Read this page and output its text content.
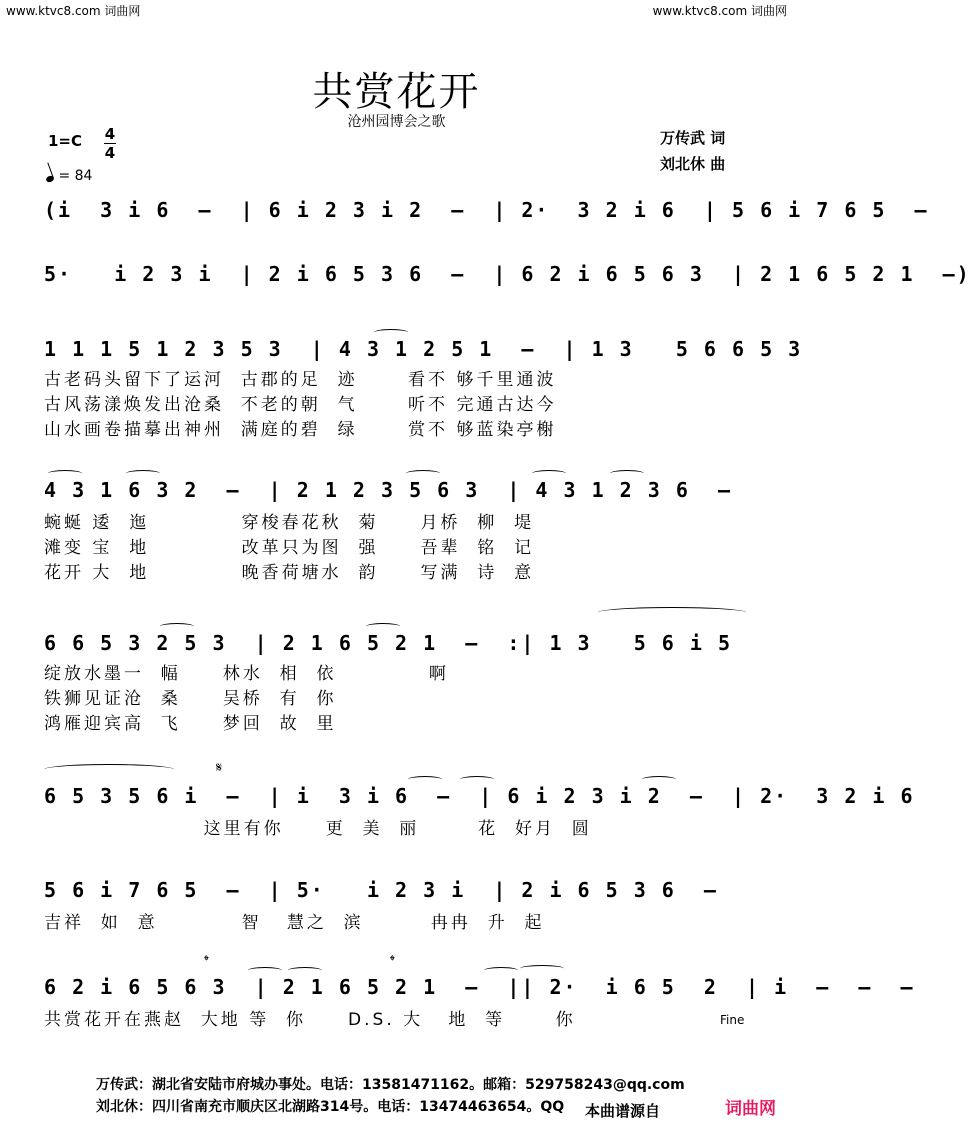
www.ktvc8.com 词曲网	www.ktvc8.com 词曲网
共赏花开
沧州园博会之歌
1=C 4
4
= 84
万传武 词
刘北休 曲
(i  3 i 6  –  | 6 i 2 3 i 2  –  | 2·  3 2 i 6  | 5 6 i 7 6 5  –
5·   i 2 3 i  | 2 i 6 5 3 6  –  | 6 2 i 6 5 6 3  | 2 1 6 5 2 1  –)
1 1 1 5 1 2 3 5 3  | 4 3 1 2 5 1  –  | 1 3   5 6 6 5 3
古老码头留下了运河  古郡的足  迹      看不 够千里通波
古风荡漾焕发出沧桑  不老的朝  气      听不 完通古达今
山水画卷描摹出神州  满庭的碧  绿      赏不 够蓝染亭榭
4 3 1 6 3 2  –  | 2 1 2 3 5 6 3  | 4 3 1 2 3 6  –
蜿蜒 逶  迤           穿梭春花秋  菊     月桥  柳  堤
滩变 宝  地           改革只为图  强     吾辈  铭  记
花开 大  地           晚香荷塘水  韵     写满  诗  意
6 6 5 3 2 5 3  | 2 1 6 5 2 1  –  :| 1 3   5 6 i 5
绽放水墨一  幅     林水  相  依           啊
铁狮见证沧  桑     吴桥  有  你
鸿雁迎宾高  飞     梦回  故  里
𝄋
6 5 3 5 6 i  –  | i  3 i 6  –  | 6 i 2 3 i 2  –  | 2·  3 2 i 6
这里有你     更  美  丽       花  好月  圆
5 6 i 7 6 5  –  | 5·   i 2 3 i  | 2 i 6 5 3 6  –
吉祥  如  意          智   慧之  滨        冉冉  升  起
𝄌	𝄌
6 2 i 6 5 6 3  | 2 1 6 5 2 1  –  || 2·  i 6 5  2  | i  –  –  –
共赏花开在燕赵  大地 等  你     D.S. 大   地  等      你	Fine
万传武：湖北省安陆市府城办事处。电话：13581471162。邮箱：529758243@qq.com
刘北休：四川省南充市顺庆区北湖路314号。电话：13474463654。QQ 本曲谱源自	词曲网
